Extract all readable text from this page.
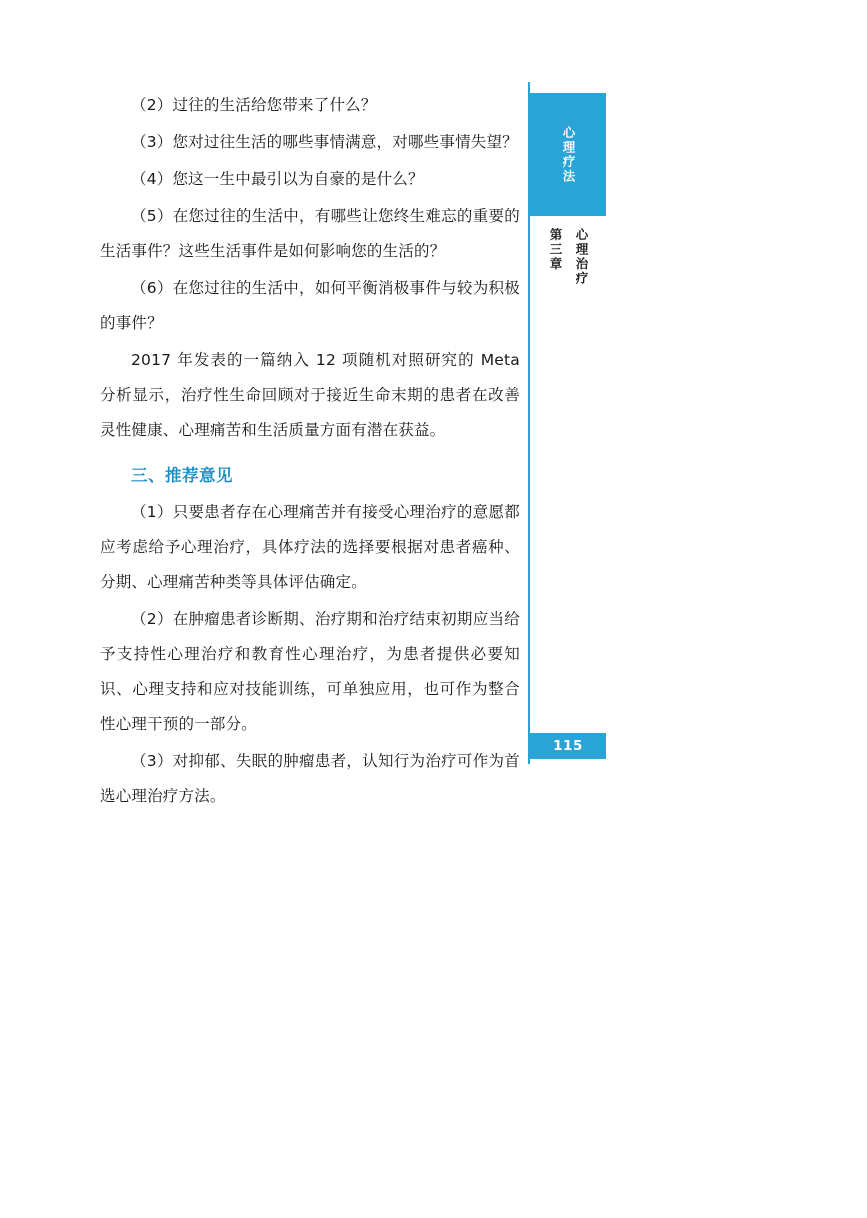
（2）过往的生活给您带来了什么？

（3）您对过往生活的哪些事情满意，对哪些事情失望？

（4）您这一生中最引以为自豪的是什么？

（5）在您过往的生活中，有哪些让您终生难忘的重要的生活事件？这些生活事件是如何影响您的生活的？

（6）在您过往的生活中，如何平衡消极事件与较为积极的事件？

2017 年发表的一篇纳入 12 项随机对照研究的 Meta 分析显示，治疗性生命回顾对于接近生命末期的患者在改善灵性健康、心理痛苦和生活质量方面有潜在获益。

三、推荐意见

（1）只要患者存在心理痛苦并有接受心理治疗的意愿都应考虑给予心理治疗，具体疗法的选择要根据对患者癌种、分期、心理痛苦种类等具体评估确定。

（2）在肿瘤患者诊断期、治疗期和治疗结束初期应当给予支持性心理治疗和教育性心理治疗，为患者提供必要知识、心理支持和应对技能训练，可单独应用，也可作为整合性心理干预的一部分。

（3）对抑郁、失眠的肿瘤患者，认知行为治疗可作为首选心理治疗方法。

心理疗法
第三章 心理治疗
115
